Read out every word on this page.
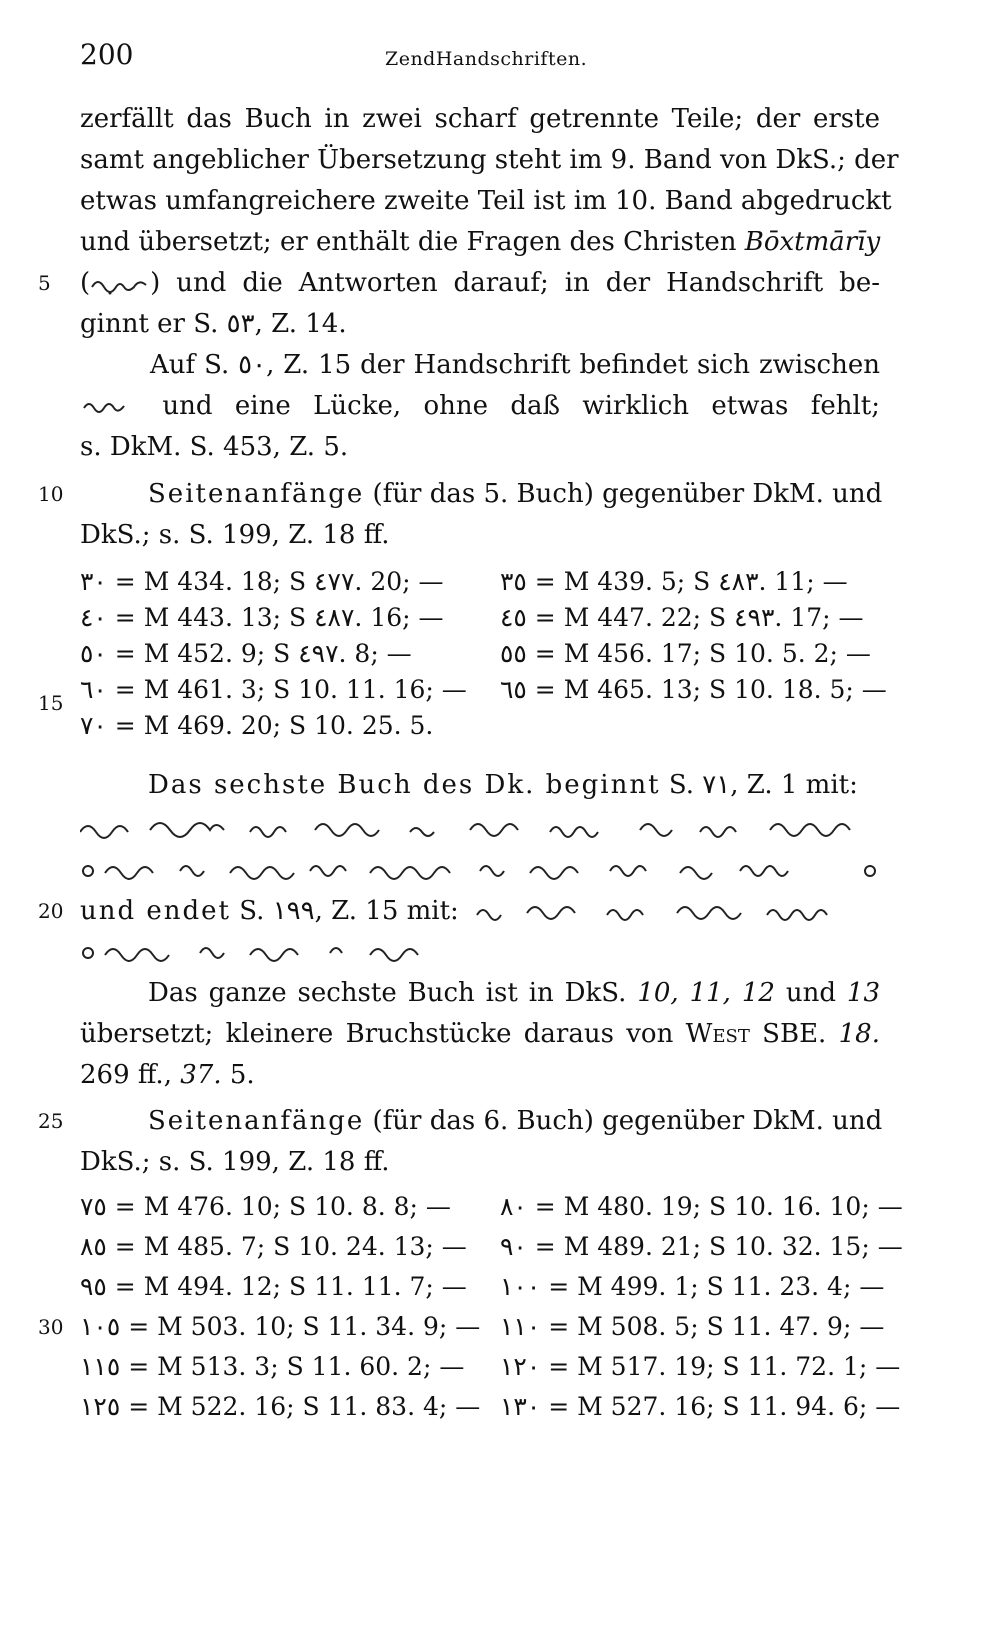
200	ZendHandschriften.
zerfällt das Buch in zwei scharf getrennte Teile; der erste
samt angeblicher Übersetzung steht im 9. Band von DkS.; der
etwas umfangreichere zweite Teil ist im 10. Band abgedruckt
und übersetzt; er enthält die Fragen des Christen Bōxtmārīy
5 ( ) und die Antworten darauf; in der Handschrift be-
ginnt er S. ٥٣, Z. 14.
Auf S. ٥٠, Z. 15 der Handschrift befindet sich zwischen
und eine Lücke, ohne daß wirklich etwas fehlt;
s. DkM. S. 453, Z. 5.
10	Seitenanfänge (für das 5. Buch) gegenüber DkM. und
DkS.; s. S. 199, Z. 18 ff.
٣٠ = M 434. 18; S ٤٧٧. 20; — ٣٥ = M 439. 5; S ٤٨٣. 11; —
٤٠ = M 443. 13; S ٤٨٧. 16; — ٤٥ = M 447. 22; S ٤٩٣. 17; —
٥٠ = M 452. 9; S ٤٩٧. 8; —	٥٥ = M 456. 17; S 10. 5. 2; —
٦٠ = M 461. 3; S 10. 11. 16; — ٦٥ = M 465. 13; S 10. 18. 5; —
٧٠ = M 469. 20; S 10. 25. 5.
15
Das sechste Buch des Dk. beginnt S. ٧١, Z. 1 mit:
20 und endet S. ١٩٩, Z. 15 mit:
Das ganze sechste Buch ist in DkS. 10, 11, 12 und 13
übersetzt; kleinere Bruchstücke daraus von West SBE. 18.
269 ff., 37. 5.
25	Seitenanfänge (für das 6. Buch) gegenüber DkM. und
DkS.; s. S. 199, Z. 18 ff.
٧٥ = M 476. 10; S 10. 8. 8; — ٨٠ = M 480. 19; S 10. 16. 10; —
٨٥ = M 485. 7; S 10. 24. 13; — ٩٠ = M 489. 21; S 10. 32. 15; —
٩٥ = M 494. 12; S 11. 11. 7; — ١٠٠ = M 499. 1; S 11. 23. 4; —
١٠٥ = M 503. 10; S 11. 34. 9; — ١١٠ = M 508. 5; S 11. 47. 9; —
١١٥ = M 513. 3; S 11. 60. 2; — ١٢٠ = M 517. 19; S 11. 72. 1; —
١٢٥ = M 522. 16; S 11. 83. 4; — ١٣٠ = M 527. 16; S 11. 94. 6; —
30
